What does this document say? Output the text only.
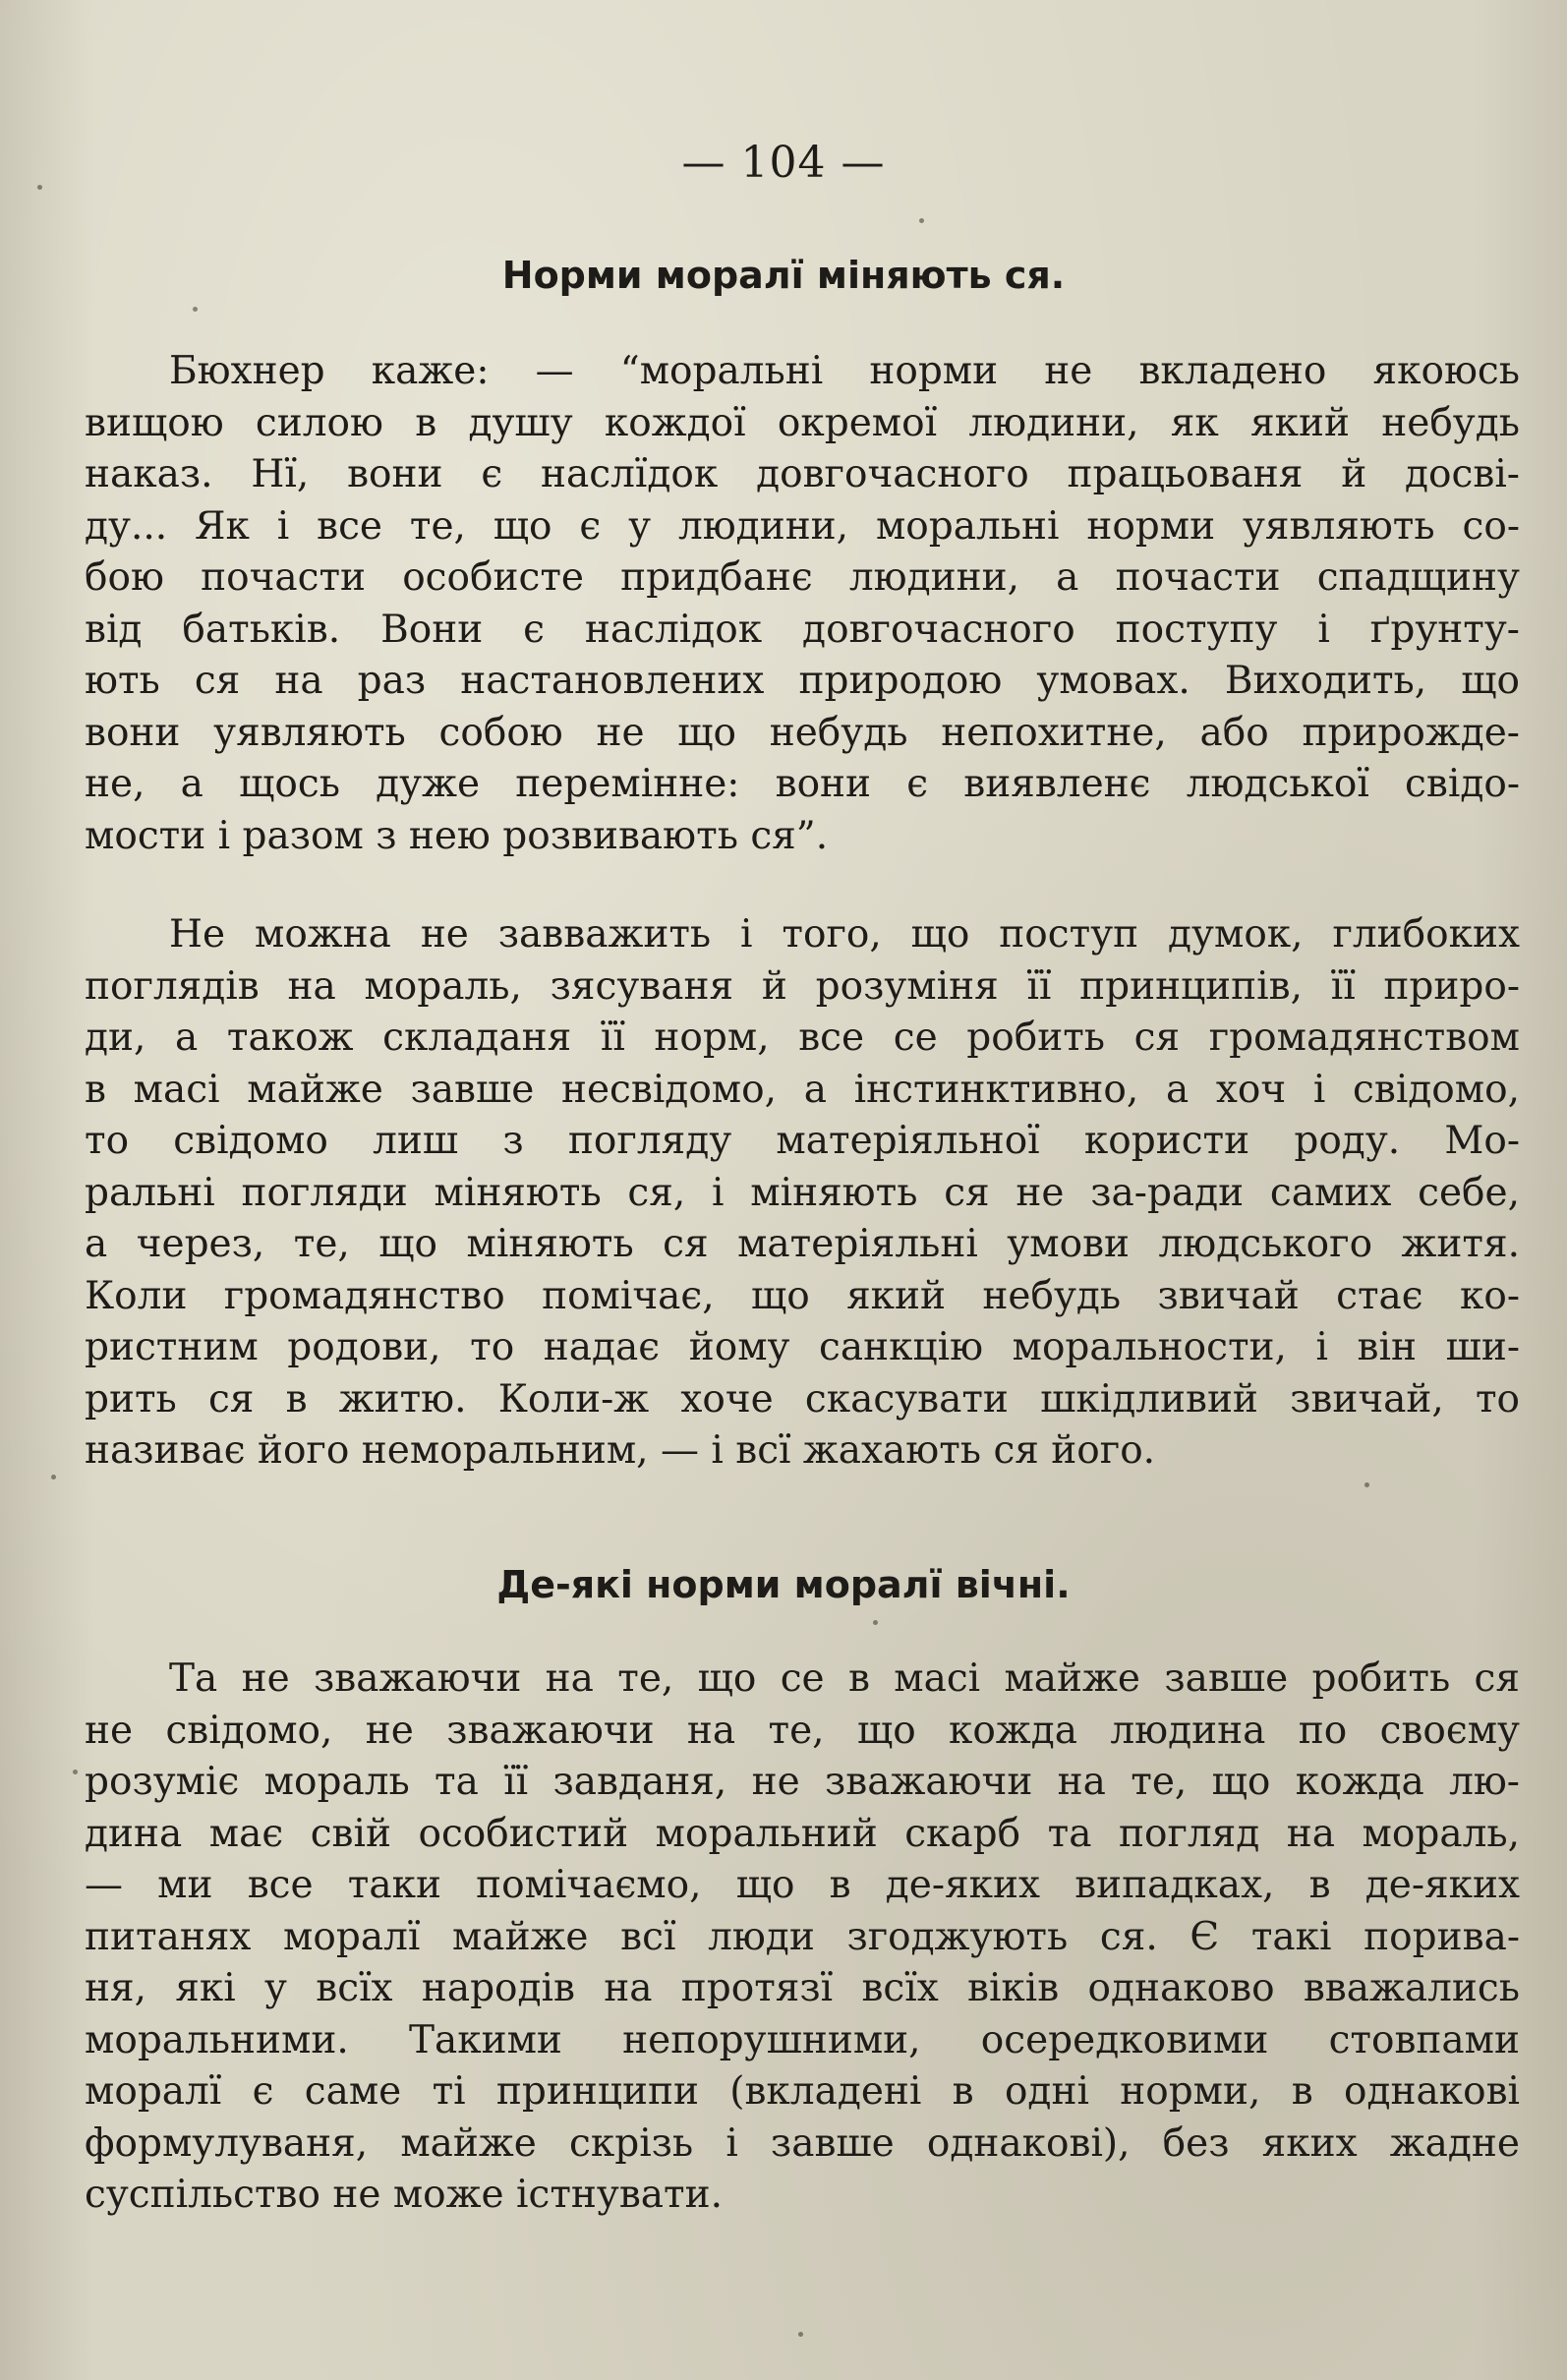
— 104 —
Норми моралї міняють ся.
Бюхнер каже: — “моральні норми не вкладено якоюсь
вищою силою в душу кождої окремої людини, як який небудь
наказ. Нї, вони є наслїдок довгочасного працьованя й досві-
ду... Як і все те, що є у людини, моральні норми уявляють со-
бою почасти особисте придбанє людини, а почасти спадщину
від батьків. Вони є наслідок довгочасного поступу і ґрунту-
ють ся на раз настановлених природою умовах. Виходить, що
вони уявляють собою не що небудь непохитне, або прирожде-
не, а щось дуже перемінне: вони є виявленє людської свідо-
мости і разом з нею розвивають ся”.
Не можна не завважить і того, що поступ думок, глибоких
поглядів на мораль, зясуваня й розуміня її принципів, її приро-
ди, а також складаня її норм, все се робить ся громадянством
в масі майже завше несвідомо, а інстинктивно, а хоч і свідомо,
то свідомо лиш з погляду матеріяльної користи роду. Мо-
ральні погляди міняють ся, і міняють ся не за-ради самих себе,
а через, те, що міняють ся матеріяльні умови людського житя.
Коли громадянство помічає, що який небудь звичай стає ко-
ристним родови, то надає йому санкцію моральности, і він ши-
рить ся в житю. Коли-ж хоче скасувати шкідливий звичай, то
називає його неморальним, — і всї жахають ся його.
Де-які норми моралї вічні.
Та не зважаючи на те, що се в масі майже завше робить ся
не свідомо, не зважаючи на те, що кожда людина по своєму
розуміє мораль та її завданя, не зважаючи на те, що кожда лю-
дина має свій особистий моральний скарб та погляд на мораль,
— ми все таки помічаємо, що в де-яких випадках, в де-яких
питанях моралї майже всї люди згоджують ся. Є такі порива-
ня, які у всїх народів на протязї всїх віків однаково вважались
моральними. Такими непорушними, осередковими стовпами
моралї є саме ті принципи (вкладені в одні норми, в однакові
формулуваня, майже скрізь і завше однакові), без яких жадне
суспільство не може істнувати.
